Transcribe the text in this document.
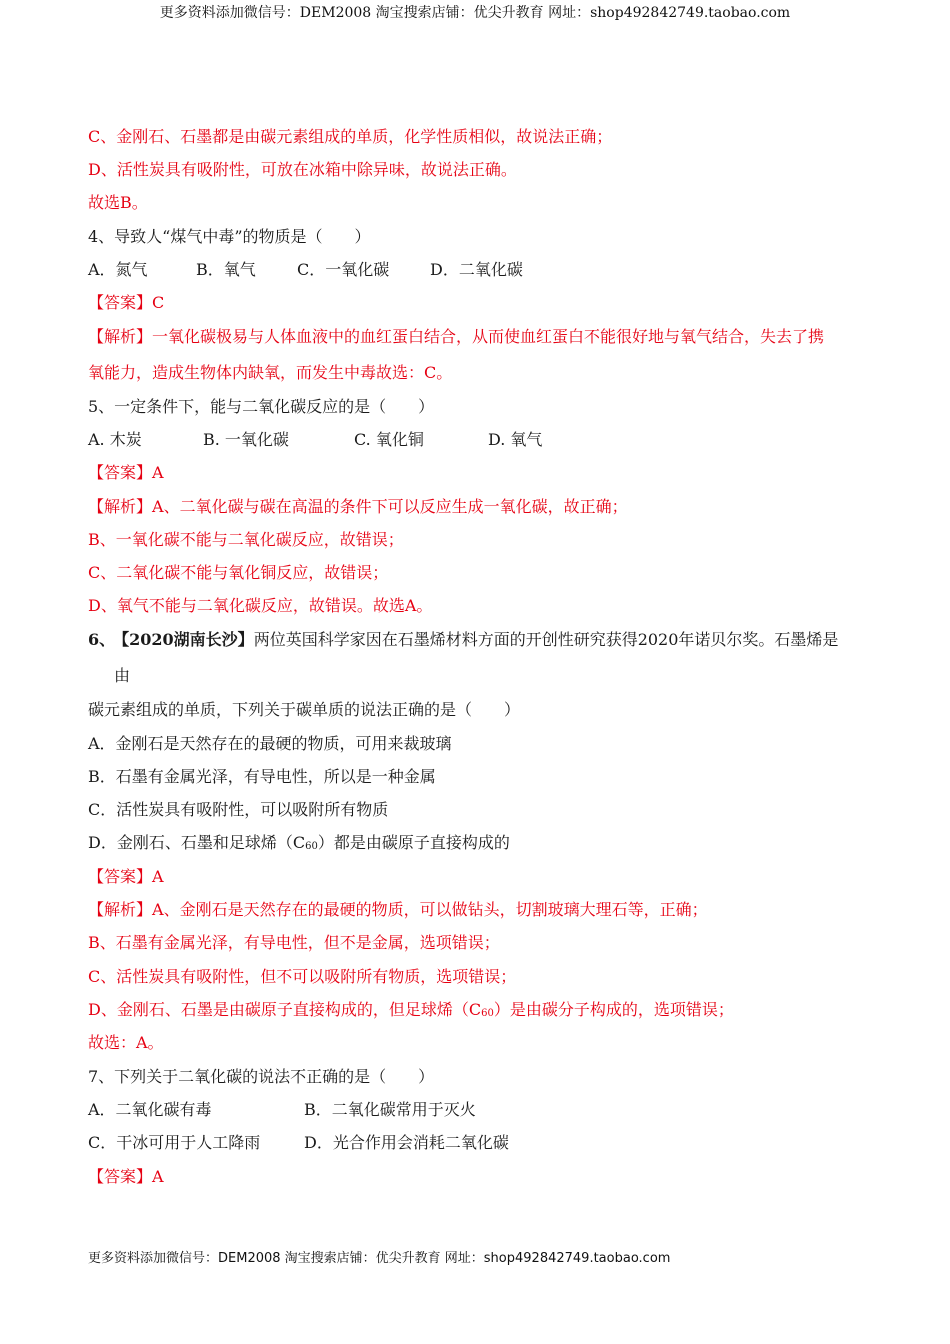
更多资料添加微信号：DEM2008 淘宝搜索店铺：优尖升教育 网址：shop492842749.taobao.com
C、金刚石、石墨都是由碳元素组成的单质，化学性质相似，故说法正确；
D、活性炭具有吸附性，可放在冰箱中除异味，故说法正确。
故选B。
4、导致人“煤气中毒”的物质是（　　）
A．氮气	B．氧气	C．一氧化碳	D．二氧化碳
【答案】C
【解析】一氧化碳极易与人体血液中的血红蛋白结合，从而使血红蛋白不能很好地与氧气结合，失去了携
氧能力，造成生物体内缺氧，而发生中毒故选：C。
5、一定条件下，能与二氧化碳反应的是（　　）
A. 木炭	B. 一氧化碳	C. 氧化铜	D. 氧气
【答案】A
【解析】A、二氧化碳与碳在高温的条件下可以反应生成一氧化碳，故正确；
B、一氧化碳不能与二氧化碳反应，故错误；
C、二氧化碳不能与氧化铜反应，故错误；
D、氧气不能与二氧化碳反应，故错误。故选A。
6、 【2020湖南长沙】两位英国科学家因在石墨烯材料方面的开创性研究获得2020年诺贝尔奖。石墨烯是
由
碳元素组成的单质，下列关于碳单质的说法正确的是（　　）
A．金刚石是天然存在的最硬的物质，可用来裁玻璃
B．石墨有金属光泽，有导电性，所以是一种金属
C．活性炭具有吸附性，可以吸附所有物质
D．金刚石、石墨和足球烯（C60）都是由碳原子直接构成的
【答案】A
【解析】A、金刚石是天然存在的最硬的物质，可以做钻头，切割玻璃大理石等，正确；
B、石墨有金属光泽，有导电性，但不是金属，选项错误；
C、活性炭具有吸附性，但不可以吸附所有物质，选项错误；
D、金刚石、石墨是由碳原子直接构成的，但足球烯（C60）是由碳分子构成的，选项错误；
故选：A。
7、下列关于二氧化碳的说法不正确的是（　　）
A．二氧化碳有毒	B．二氧化碳常用于灭火
C．干冰可用于人工降雨	D．光合作用会消耗二氧化碳
【答案】A
更多资料添加微信号：DEM2008 淘宝搜索店铺：优尖升教育 网址：shop492842749.taobao.com
